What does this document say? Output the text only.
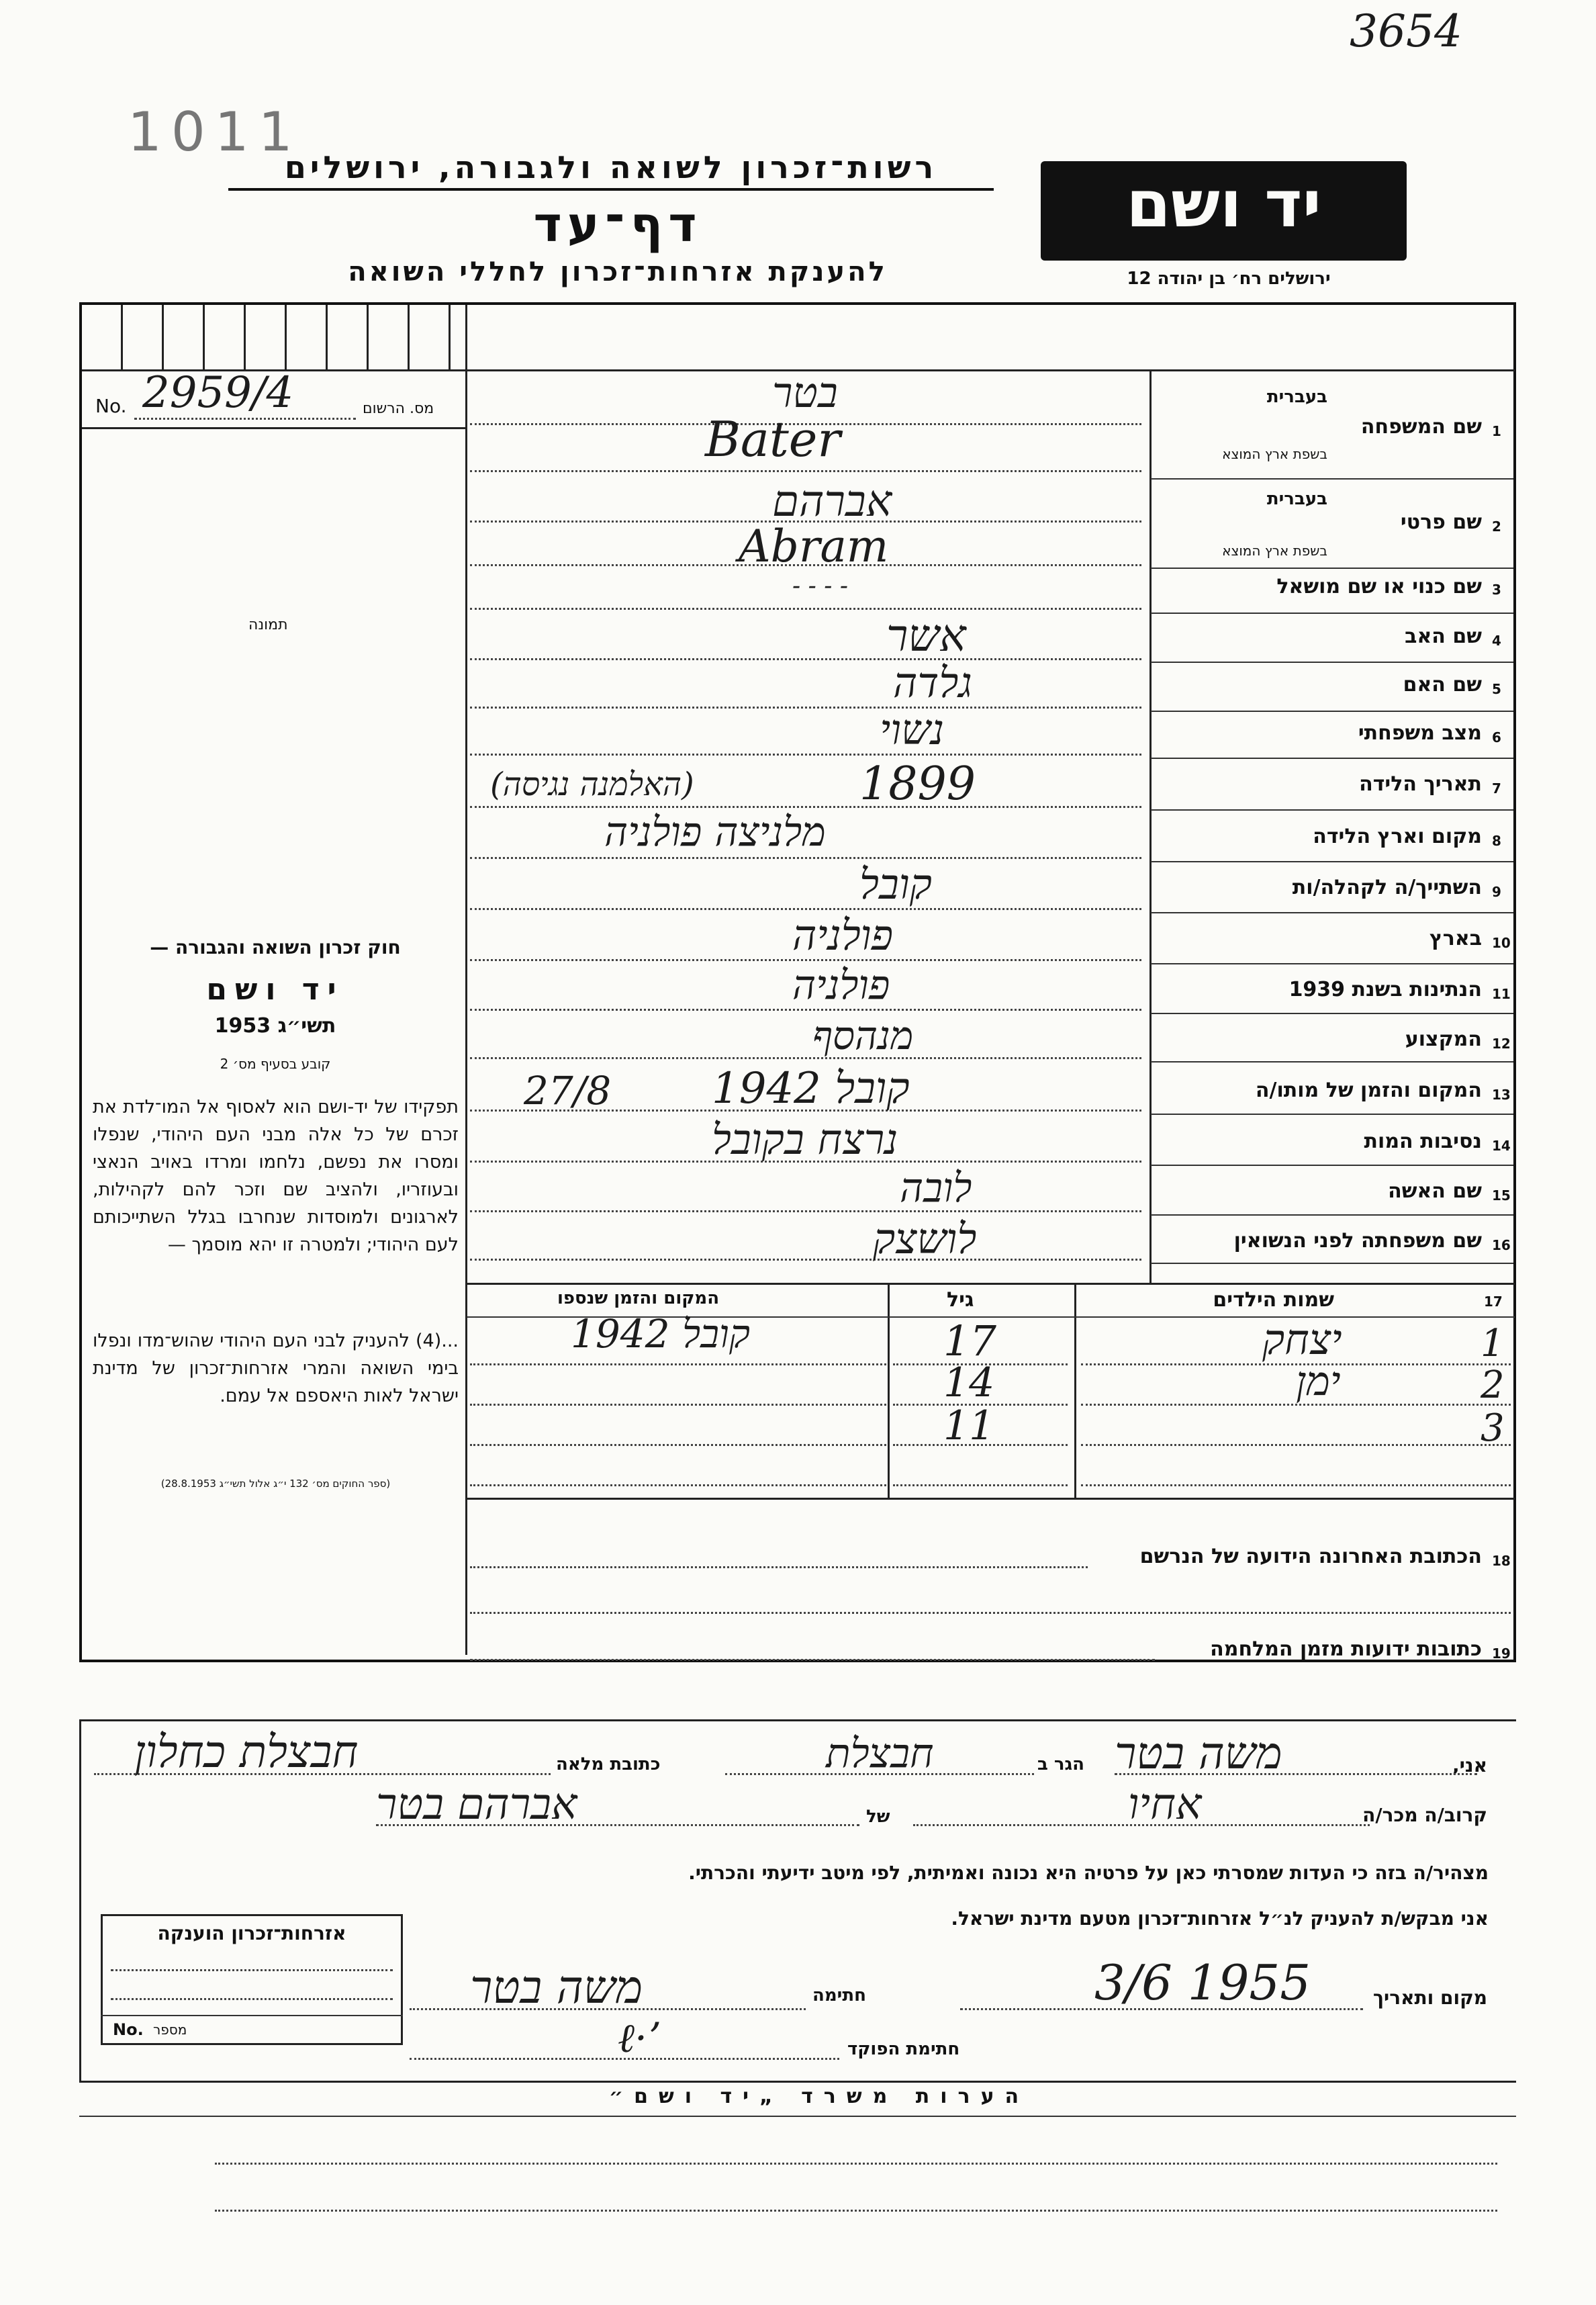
3654
1011
רשות־זכרון לשואה ולגבורה, ירושלים
דף־עד
להענקת אזרחות־זכרון לחללי השואה
יד ושם
ירושלים רח׳ בן יהודה 12
No. 2959/4	מס. הרשום
תמונה
חוק זכרון השואה והגבורה —
יד ושם
תשי״ג 1953
קובע בסעיף מס׳ 2
תפקידו של יד-ושם הוא לאסוף אל המו־לדת את זכרם של כל אלה מבני העם היהודי, שנפלו ומסרו את נפשם, נלחמו ומרדו באויב הנאצי ובעוזריו, ולהציב שם וזכר להם לקהילות, לארגונים ולמוסדות שנחרבו בגלל השתייכותם לעם היהודי; ולמטרה זו יהא מוסמך —
...(4) להעניק לבני העם היהודי שהוש־מדו ונפלו בימי השואה והמרי אזרחות־זכרון של מדינת ישראל לאות היאספם אל עמם.
(ספר החוקים מס׳ 132 י״ג אלול תשי״ג 28.8.1953)
1
שם המשפחה
בעברית
בשפת ארץ המוצא
בטר
Bater
2
שם פרטי
בעברית
בשפת ארץ המוצא
אברהם
Abram
3
שם כנוי או שם מושאל
- - - -
4
שם האב
אשר
5
שם האם
גלדה
6
מצב משפחתי
נשוי
7
תאריך הלידה
1899
(האלמנה נגיסה)
8
מקום וארץ הלידה
מלניצה פולניה
9
השתייך/ה לקהלה/ות
קובל
10
בארץ
פולניה
11
הנתינות בשנת 1939
פולניה
12
המקצוע
מנהסף
13
המקום והזמן של מותו/ה
קובל 1942
27/8
14
נסיבות המות
נרצח בקובל
15
שם האשה
לובה
16
שם משפחתה לפני הנשואין
לושצק
17
שמות הילדים
גיל
המקום והזמן שנספו
1
יצחק
17
קובל 1942
2
ימן
14
3
11
18
הכתובת האחרונה הידועה של הנרשם
19
כתובות ידועות מזמן המלחמה
אני,
משה בטר
הגר ב
חבצלת
כתובת מלאה
חבצלת כחלון
קרוב/ה מכר/ה
אחיו
של
אברהם בטר
מצהיר/ה בזה כי העדות שמסרתי כאן על פרטיה היא נכונה ואמיתית, לפי מיטב ידיעתי והכרתי.
אני מבקש/ת להעניק לנ״ל אזרחות־זכרון מטעם מדינת ישראל.
מקום ותאריך
3/6 1955
חתימה
משה בטר
חתימת הפוקד
ℓ·ʼ
אזרחות־זכרון הוענקה
No. מספר
הערות משרד „יד ושם״
